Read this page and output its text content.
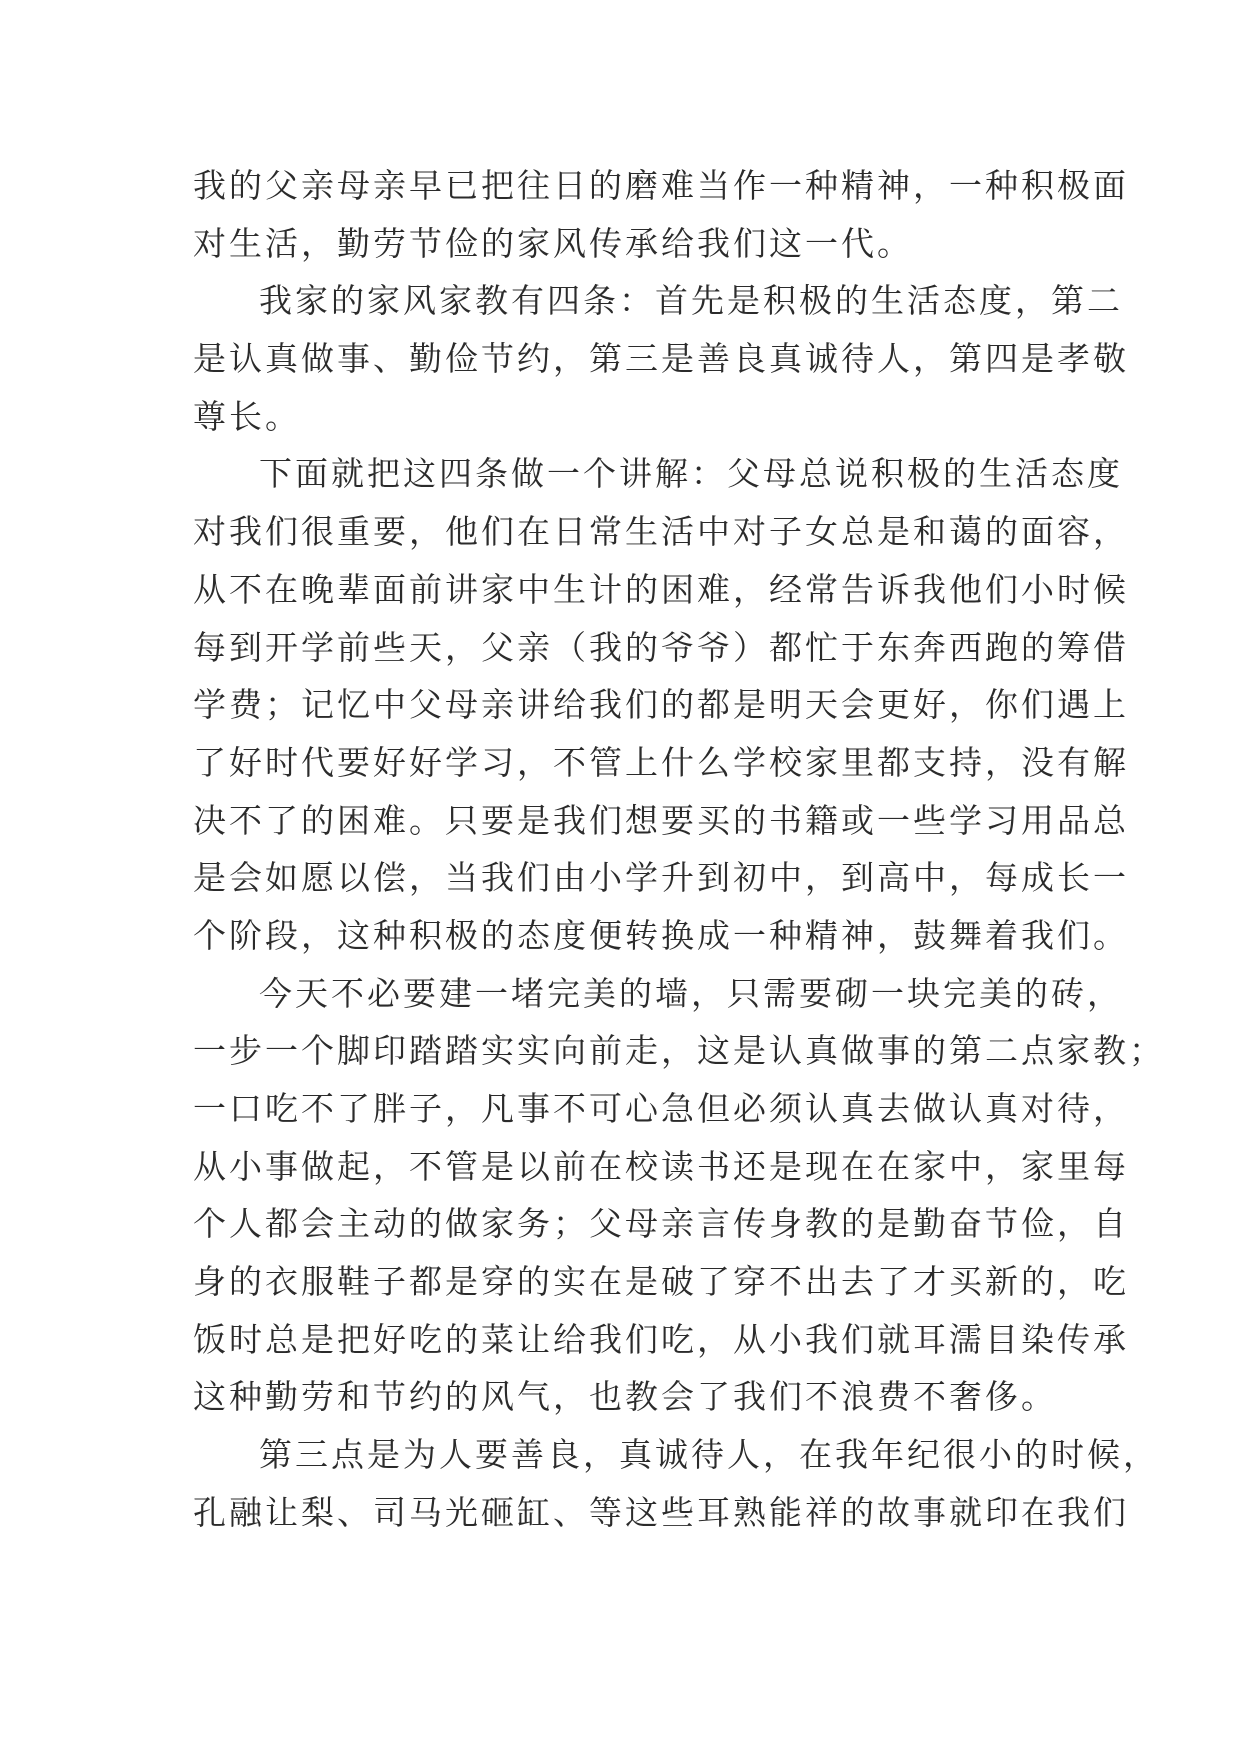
我的父亲母亲早已把往日的磨难当作一种精神，一种积极面
对生活，勤劳节俭的家风传承给我们这一代。
我家的家风家教有四条：首先是积极的生活态度，第二
是认真做事、勤俭节约，第三是善良真诚待人，第四是孝敬
尊长。
下面就把这四条做一个讲解：父母总说积极的生活态度
对我们很重要，他们在日常生活中对子女总是和蔼的面容，
从不在晚辈面前讲家中生计的困难，经常告诉我他们小时候
每到开学前些天，父亲（我的爷爷）都忙于东奔西跑的筹借
学费；记忆中父母亲讲给我们的都是明天会更好，你们遇上
了好时代要好好学习，不管上什么学校家里都支持，没有解
决不了的困难。只要是我们想要买的书籍或一些学习用品总
是会如愿以偿，当我们由小学升到初中，到高中，每成长一
个阶段，这种积极的态度便转换成一种精神，鼓舞着我们。
今天不必要建一堵完美的墙，只需要砌一块完美的砖，
一步一个脚印踏踏实实向前走，这是认真做事的第二点家教；
一口吃不了胖子，凡事不可心急但必须认真去做认真对待，
从小事做起，不管是以前在校读书还是现在在家中，家里每
个人都会主动的做家务；父母亲言传身教的是勤奋节俭，自
身的衣服鞋子都是穿的实在是破了穿不出去了才买新的，吃
饭时总是把好吃的菜让给我们吃，从小我们就耳濡目染传承
这种勤劳和节约的风气，也教会了我们不浪费不奢侈。
第三点是为人要善良，真诚待人，在我年纪很小的时候，
孔融让梨、司马光砸缸、等这些耳熟能祥的故事就印在我们
